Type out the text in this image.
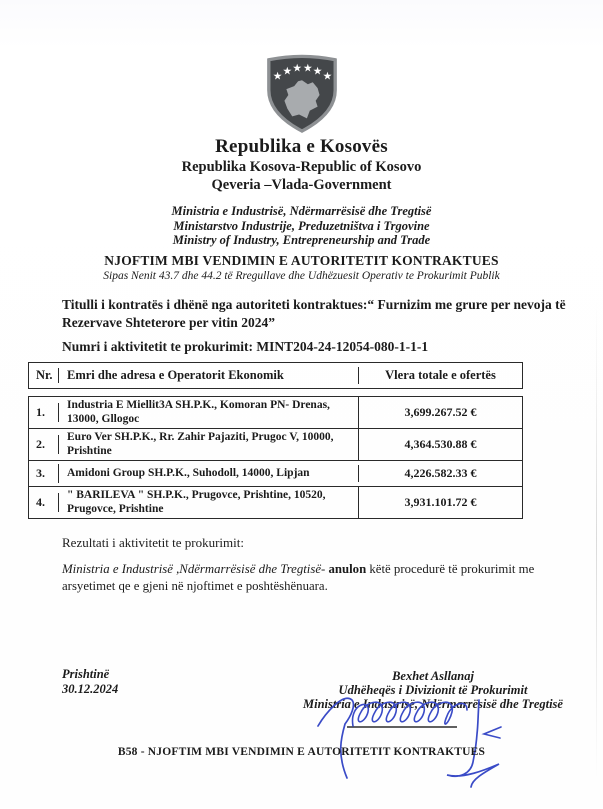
★ ★ ★ ★ ★ ★
Republika e Kosovës
Republika Kosova-Republic of Kosovo
Qeveria –Vlada-Government
Ministria e Industrisë, Ndërmarrësisë dhe Tregtisë
Ministarstvo Industrije, Preduzetništva i Trgovine
Ministry of Industry, Entrepreneurship and Trade
NJOFTIM MBI VENDIMIN E AUTORITETIT KONTRAKTUES
Sipas Nenit 43.7 dhe 44.2 të Rregullave dhe Udhëzuesit Operativ te Prokurimit Publik
Titulli i kontratës i dhënë nga autoriteti kontraktues:“ Furnizim me grure per nevoja të Rezervave Shteterore per vitin 2024”
Numri i aktivitetit te prokurimit: MINT204-24-12054-080-1-1-1
Nr.	Emri dhe adresa e Operatorit Ekonomik	Vlera totale e ofertës
1.	Industria E Miellit3A SH.P.K., Komoran PN- Drenas, 13000, Gllogoc	3,699.267.52 €
2.	Euro Ver SH.P.K., Rr. Zahir Pajaziti, Prugoc V, 10000, Prishtine	4,364.530.88 €
3.	Amidoni Group SH.P.K., Suhodoll, 14000, Lipjan	4,226.582.33 €
4.	" BARILEVA " SH.P.K., Prugovce, Prishtine, 10520, Prugovce, Prishtine	3,931.101.72 €
Rezultati i aktivitetit te prokurimit:
Ministria e Industrisë ,Ndërmarrësisë dhe Tregtisë- anulon këtë procedurë të prokurimit me arsyetimet qe e gjeni në njoftimet e poshtëshënuara.
Prishtinë
30.12.2024
Bexhet Asllanaj
Udhëheqës i Divizionit të Prokurimit
Ministria e Industrisë, Ndërmarrësisë dhe Tregtisë
B58 - NJOFTIM MBI VENDIMIN E AUTORITETIT KONTRAKTUES
